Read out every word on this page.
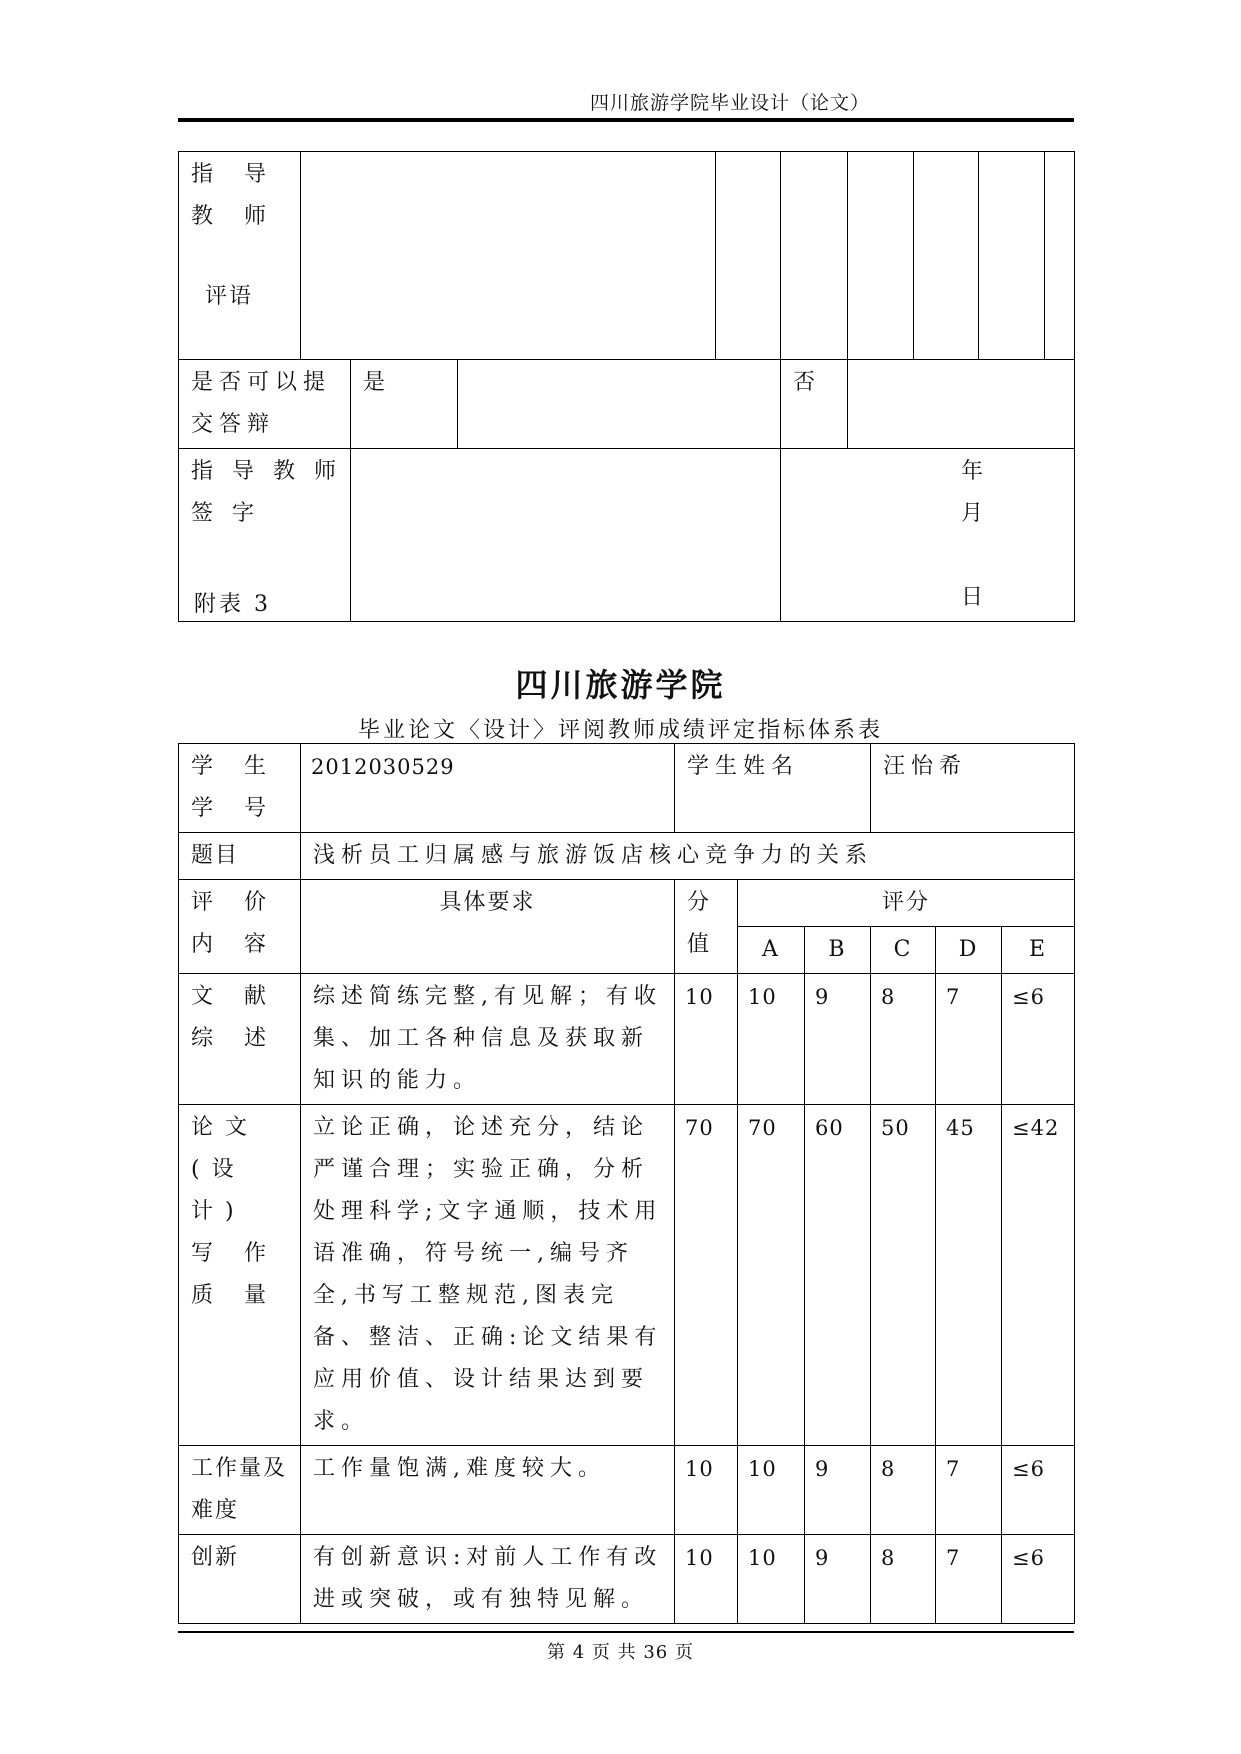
四川旅游学院毕业设计（论文）
指 导 教 师
评语									

是否可以提交答辩		是			否				
指 导 教 师 签 字					年  月  日				
附表 3
四川旅游学院
毕业论文〈设计〉评阅教师成绩评定指标体系表
学 生 学 号	2012030529	学生姓名			汪怡希		
题目	浅析员工归属感与旅游饭店核心竞争力的关系						
评 价 内 容	具体要求	分 值	评分				
			A	B	C	D	E
文 献 综 述	综述简练完整,有见解；有收集、加工各种信息及获取新知识的能力。	10	10	9	8	7	≤6
论文(设计) 写 作 质 量	立论正确，论述充分，结论严谨合理；实验正确，分析处理科学;文字通顺，技术用语准确，符号统一,编号齐全,书写工整规范,图表完备、整洁、正确:论文结果有应用价值、设计结果达到要求。	70	70	60	50	45	≤42
工作量及难度	工作量饱满,难度较大。	10	10	9	8	7	≤6
创新	有创新意识:对前人工作有改进或突破，或有独特见解。	10	10	9	8	7	≤6
第 4 页 共 36 页
